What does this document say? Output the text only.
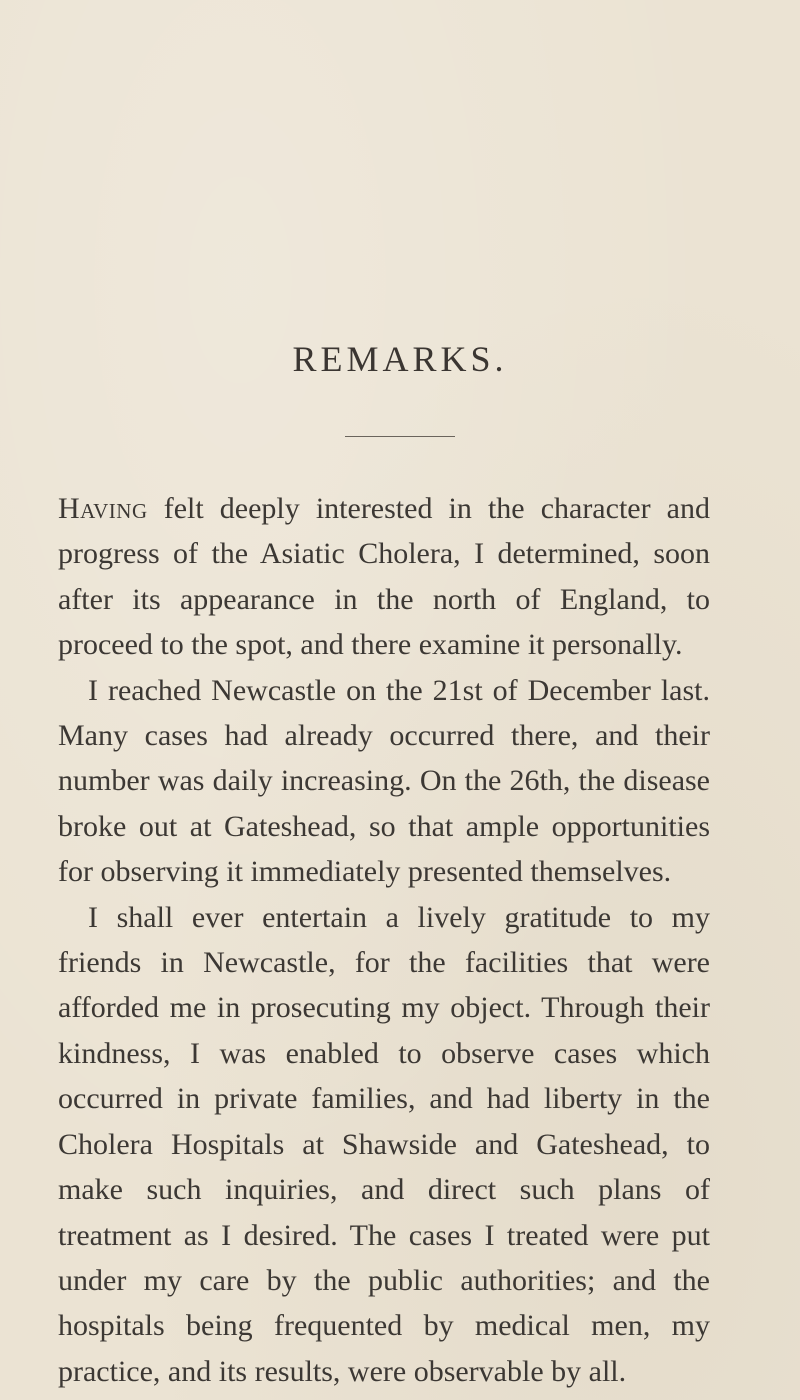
REMARKS.

Having felt deeply interested in the character and progress of the Asiatic Cholera, I determined, soon after its appearance in the north of England, to proceed to the spot, and there examine it personally.

I reached Newcastle on the 21st of December last. Many cases had already occurred there, and their number was daily increasing. On the 26th, the disease broke out at Gateshead, so that ample opportunities for observing it immediately presented themselves.

I shall ever entertain a lively gratitude to my friends in Newcastle, for the facilities that were afforded me in prosecuting my object. Through their kindness, I was enabled to observe cases which occurred in private families, and had liberty in the Cholera Hospitals at Shawside and Gateshead, to make such inquiries, and direct such plans of treatment as I desired. The cases I treated were put under my care by the public authorities; and the hospitals being frequented by medical men, my practice, and its results, were observable by all.
